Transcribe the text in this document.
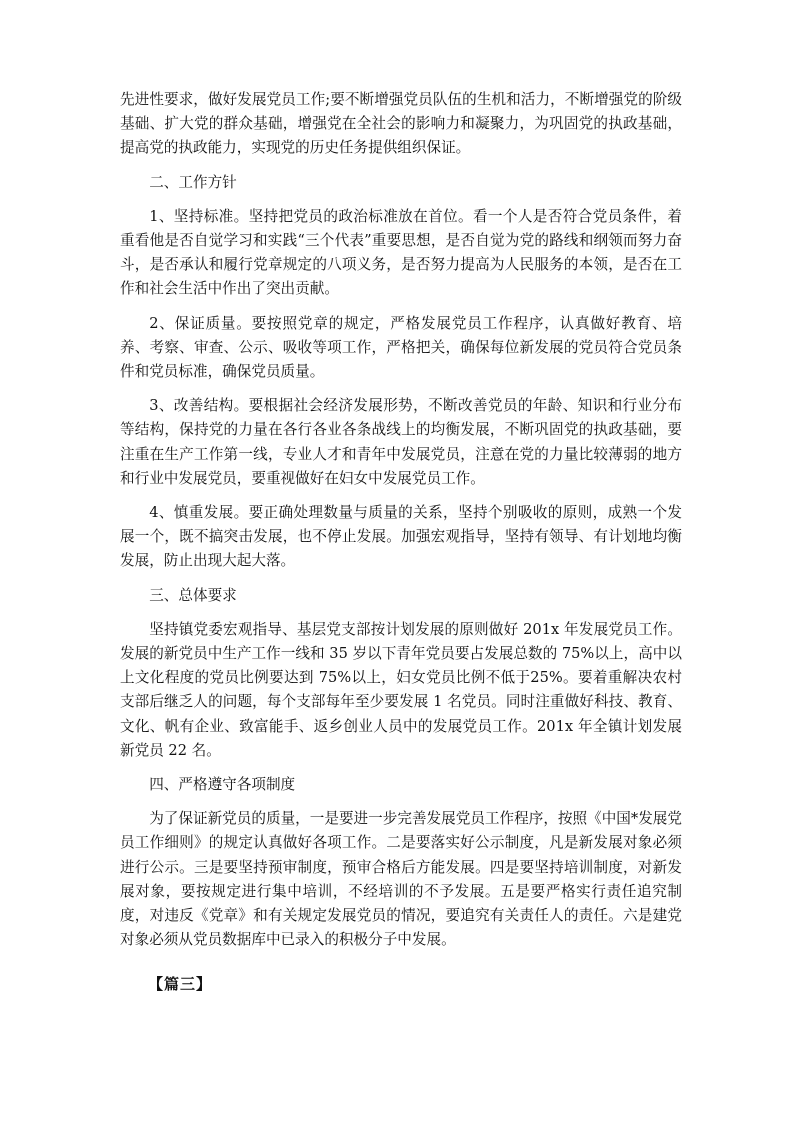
先进性要求，做好发展党员工作;要不断增强党员队伍的生机和活力，不断增强党的阶级基础、扩大党的群众基础，增强党在全社会的影响力和凝聚力，为巩固党的执政基础，提高党的执政能力，实现党的历史任务提供组织保证。

二、工作方针

1、坚持标准。坚持把党员的政治标准放在首位。看一个人是否符合党员条件，着重看他是否自觉学习和实践“三个代表”重要思想，是否自觉为党的路线和纲领而努力奋斗，是否承认和履行党章规定的八项义务，是否努力提高为人民服务的本领，是否在工作和社会生活中作出了突出贡献。

2、保证质量。要按照党章的规定，严格发展党员工作程序，认真做好教育、培养、考察、审查、公示、吸收等项工作，严格把关，确保每位新发展的党员符合党员条件和党员标准，确保党员质量。

3、改善结构。要根据社会经济发展形势，不断改善党员的年龄、知识和行业分布等结构，保持党的力量在各行各业各条战线上的均衡发展，不断巩固党的执政基础，要注重在生产工作第一线，专业人才和青年中发展党员，注意在党的力量比较薄弱的地方和行业中发展党员，要重视做好在妇女中发展党员工作。

4、慎重发展。要正确处理数量与质量的关系，坚持个别吸收的原则，成熟一个发展一个，既不搞突击发展，也不停止发展。加强宏观指导，坚持有领导、有计划地均衡发展，防止出现大起大落。

三、总体要求

坚持镇党委宏观指导、基层党支部按计划发展的原则做好 201x 年发展党员工作。发展的新党员中生产工作一线和 35 岁以下青年党员要占发展总数的 75%以上，高中以上文化程度的党员比例要达到 75%以上，妇女党员比例不低于25%。要着重解决农村支部后继乏人的问题，每个支部每年至少要发展 1 名党员。同时注重做好科技、教育、文化、帆有企业、致富能手、返乡创业人员中的发展党员工作。201x 年全镇计划发展新党员 22 名。

四、严格遵守各项制度

为了保证新党员的质量，一是要进一步完善发展党员工作程序，按照《中国*发展党员工作细则》的规定认真做好各项工作。二是要落实好公示制度，凡是新发展对象必须进行公示。三是要坚持预审制度，预审合格后方能发展。四是要坚持培训制度，对新发展对象，要按规定进行集中培训，不经培训的不予发展。五是要严格实行责任追究制度，对违反《党章》和有关规定发展党员的情况，要追究有关责任人的责任。六是建党对象必须从党员数据库中已录入的积极分子中发展。

【篇三】
